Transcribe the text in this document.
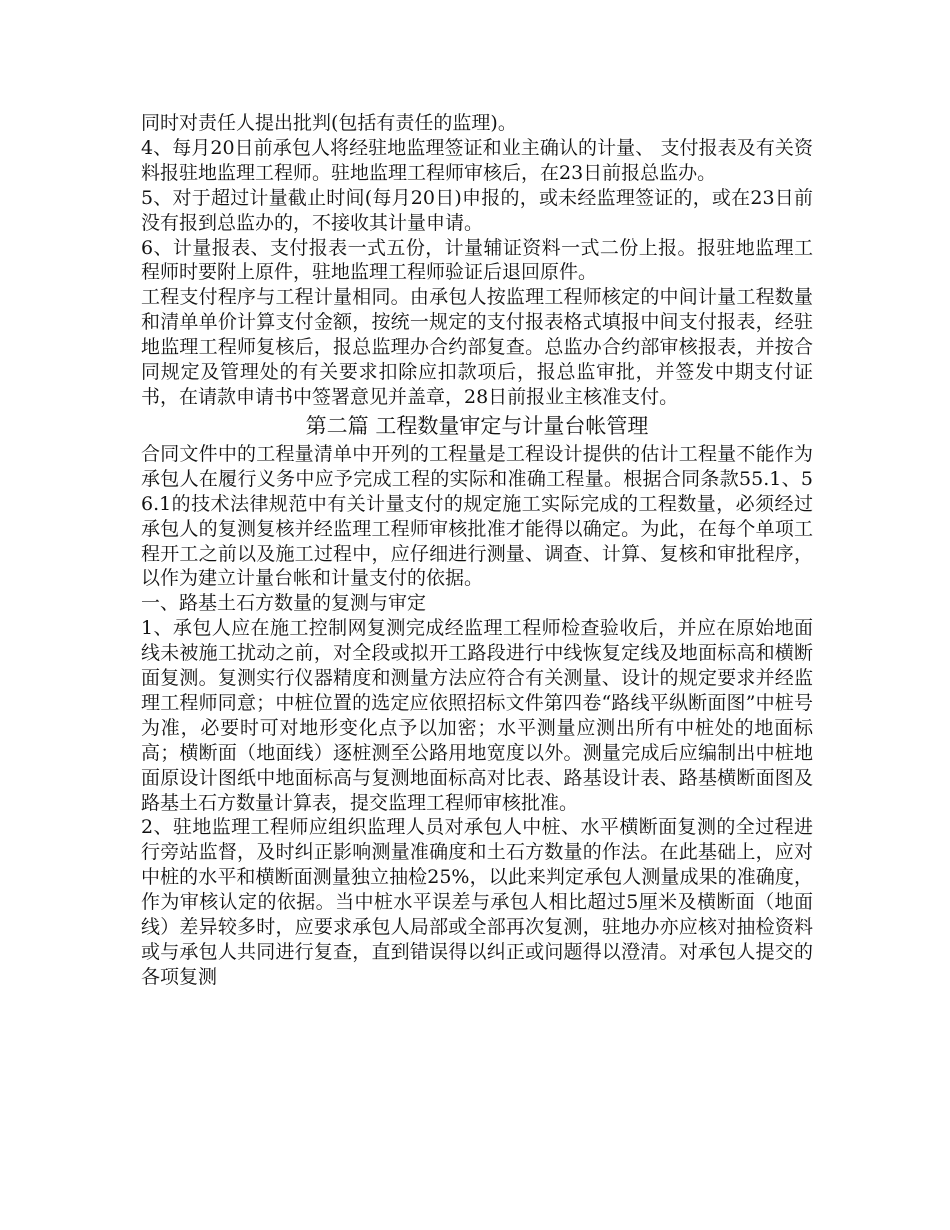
同时对责任人提出批判(包括有责任的监理)。

4、每月20日前承包人将经驻地监理签证和业主确认的计量、 支付报表及有关资料报驻地监理工程师。驻地监理工程师审核后，在23日前报总监办。

5、对于超过计量截止时间(每月20日)申报的，或未经监理签证的，或在23日前没有报到总监办的，不接收其计量申请。

6、计量报表、支付报表一式五份，计量辅证资料一式二份上报。报驻地监理工程师时要附上原件，驻地监理工程师验证后退回原件。

工程支付程序与工程计量相同。由承包人按监理工程师核定的中间计量工程数量和清单单价计算支付金额，按统一规定的支付报表格式填报中间支付报表，经驻地监理工程师复核后，报总监理办合约部复查。总监办合约部审核报表，并按合同规定及管理处的有关要求扣除应扣款项后，报总监审批，并签发中期支付证书，在请款申请书中签署意见并盖章，28日前报业主核准支付。

第二篇 工程数量审定与计量台帐管理

合同文件中的工程量清单中开列的工程量是工程设计提供的估计工程量不能作为承包人在履行义务中应予完成工程的实际和准确工程量。根据合同条款55.1、56.1的技术法律规范中有关计量支付的规定施工实际完成的工程数量，必须经过承包人的复测复核并经监理工程师审核批准才能得以确定。为此，在每个单项工程开工之前以及施工过程中，应仔细进行测量、调查、计算、复核和审批程序，以作为建立计量台帐和计量支付的依据。

一、路基土石方数量的复测与审定

1、承包人应在施工控制网复测完成经监理工程师检查验收后，并应在原始地面线未被施工扰动之前，对全段或拟开工路段进行中线恢复定线及地面标高和横断面复测。复测实行仪器精度和测量方法应符合有关测量、设计的规定要求并经监理工程师同意；中桩位置的选定应依照招标文件第四卷“路线平纵断面图”中桩号为准，必要时可对地形变化点予以加密；水平测量应测出所有中桩处的地面标高；横断面（地面线）逐桩测至公路用地宽度以外。测量完成后应编制出中桩地面原设计图纸中地面标高与复测地面标高对比表、路基设计表、路基横断面图及路基土石方数量计算表，提交监理工程师审核批准。

2、驻地监理工程师应组织监理人员对承包人中桩、水平横断面复测的全过程进行旁站监督，及时纠正影响测量准确度和土石方数量的作法。在此基础上，应对中桩的水平和横断面测量独立抽检25%，以此来判定承包人测量成果的准确度，作为审核认定的依据。当中桩水平误差与承包人相比超过5厘米及横断面（地面线）差异较多时，应要求承包人局部或全部再次复测，驻地办亦应核对抽检资料或与承包人共同进行复查，直到错误得以纠正或问题得以澄清。对承包人提交的各项复测
